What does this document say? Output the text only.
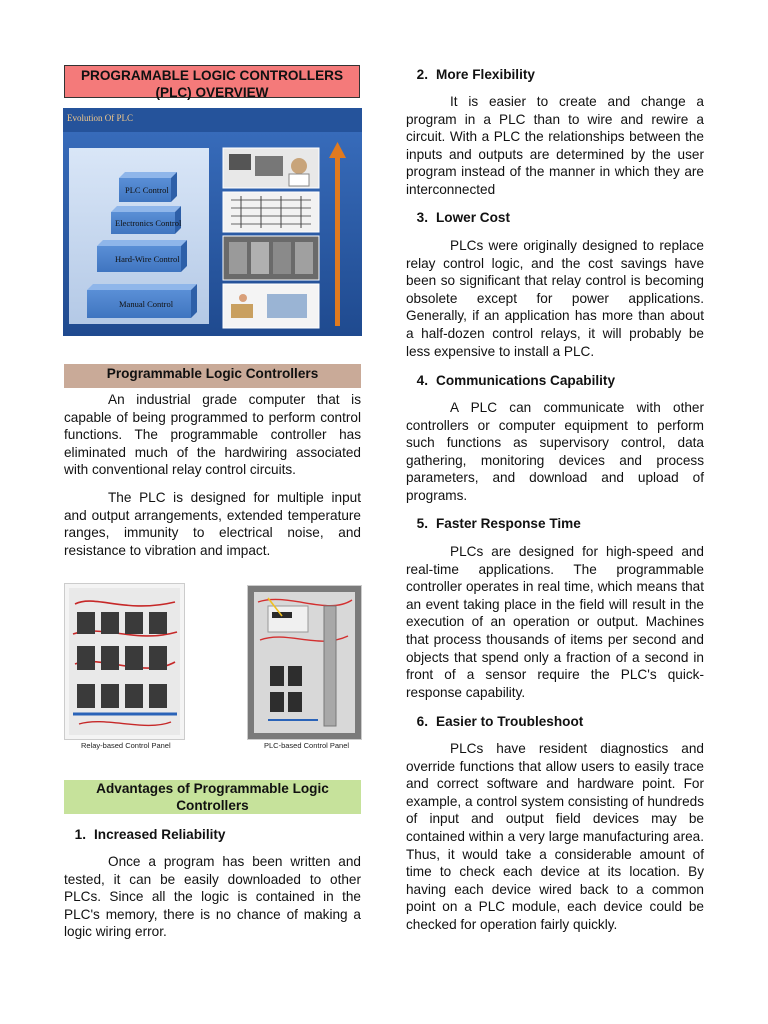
PROGRAMABLE LOGIC CONTROLLERS
(PLC) OVERVIEW
Evolution Of PLC
PLC Control
Electronics Control
Hard-Wire Control
Manual Control
Programmable Logic Controllers

An industrial grade computer that is capable of being programmed to perform control functions. The programmable controller has eliminated much of the hardwiring associated with conventional relay control circuits.

The PLC is designed for multiple input and output arrangements, extended temperature ranges, immunity to electrical noise, and resistance to vibration and impact.

Relay-based Control Panel	PLC-based Control Panel
Advantages of Programmable Logic
Controllers
1. Increased Reliability

Once a program has been written and tested, it can be easily downloaded to other PLCs. Since all the logic is contained in the PLC's memory, there is no chance of making a logic wiring error.

2. More Flexibility

It is easier to create and change a program in a PLC than to wire and rewire a circuit. With a PLC the relationships between the inputs and outputs are determined by the user program instead of the manner in which they are interconnected

3. Lower Cost

PLCs were originally designed to replace relay control logic, and the cost savings have been so significant that relay control is becoming obsolete except for power applications. Generally, if an application has more than about a half-dozen control relays, it will probably be less expensive to install a PLC.

4. Communications Capability

A PLC can communicate with other controllers or computer equipment to perform such functions as supervisory control, data gathering, monitoring devices and process parameters, and download and upload of programs.

5. Faster Response Time

PLCs are designed for high-speed and real-time applications. The programmable controller operates in real time, which means that an event taking place in the field will result in the execution of an operation or output. Machines that process thousands of items per second and objects that spend only a fraction of a second in front of a sensor require the PLC's quick-response capability.

6. Easier to Troubleshoot

PLCs have resident diagnostics and override functions that allow users to easily trace and correct software and hardware point. For example, a control system consisting of hundreds of input and output field devices may be contained within a very large manufacturing area. Thus, it would take a considerable amount of time to check each device at its location. By having each device wired back to a common point on a PLC module, each device could be checked for operation fairly quickly.
